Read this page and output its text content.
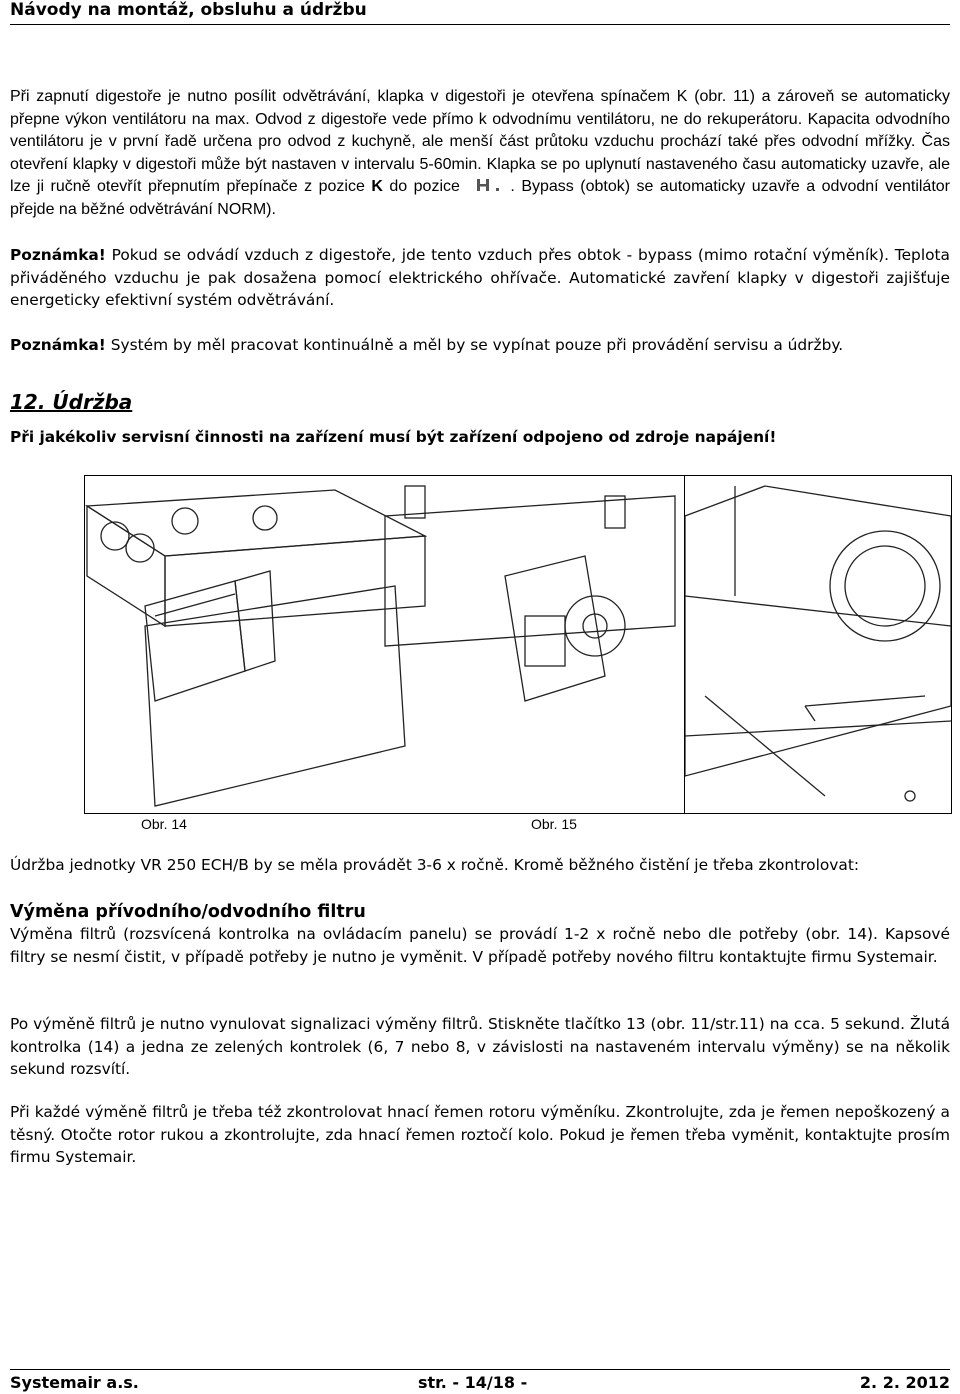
Návody na montáž, obsluhu a údržbu
Při zapnutí digestoře je nutno posílit odvětrávání, klapka v digestoři je otevřena spínačem K (obr. 11) a zároveň se automaticky přepne výkon ventilátoru na max. Odvod z digestoře vede přímo k odvodnímu ventilátoru, ne do rekuperátoru. Kapacita odvodního ventilátoru je v první řadě určena pro odvod z kuchyně, ale menší část průtoku vzduchu prochází také přes odvodní mřížky. Čas otevření klapky v digestoři může být nastaven v intervalu 5-60min. Klapka se po uplynutí nastaveného času automaticky uzavře, ale lze ji ručně otevřít přepnutím přepínače z pozice K do pozice	. Bypass (obtok) se automaticky uzavře a odvodní ventilátor přejde na běžné odvětrávání NORM).
Poznámka! Pokud se odvádí vzduch z digestoře, jde tento vzduch přes obtok - bypass (mimo rotační výměník). Teplota přiváděného vzduchu je pak dosažena pomocí elektrického ohřívače. Automatické zavření klapky v digestoři zajišťuje energeticky efektivní systém odvětrávání.
Poznámka! Systém by měl pracovat kontinuálně a měl by se vypínat pouze při provádění servisu a údržby.
12. Údržba
Při jakékoliv servisní činnosti na zařízení musí být zařízení odpojeno od zdroje napájení!
Obr. 14	Obr. 15
Údržba jednotky VR 250 ECH/B by se měla provádět 3-6 x ročně. Kromě běžného čistění je třeba zkontrolovat:
Výměna přívodního/odvodního filtru
Výměna filtrů (rozsvícená kontrolka na ovládacím panelu) se provádí 1-2 x ročně nebo dle potřeby (obr. 14). Kapsové filtry se nesmí čistit, v případě potřeby je nutno je vyměnit. V případě potřeby nového filtru kontaktujte firmu Systemair.
Po výměně filtrů je nutno vynulovat signalizaci výměny filtrů. Stiskněte tlačítko 13 (obr. 11/str.11) na cca. 5 sekund. Žlutá kontrolka (14) a jedna ze zelených kontrolek (6, 7 nebo 8, v závislosti na nastaveném intervalu výměny) se na několik sekund rozsvítí.
Při každé výměně filtrů je třeba též zkontrolovat hnací řemen rotoru výměníku. Zkontrolujte, zda je řemen nepoškozený a těsný. Otočte rotor rukou a zkontrolujte, zda hnací řemen roztočí kolo. Pokud je řemen třeba vyměnit, kontaktujte prosím firmu Systemair.
Systemair a.s.	str. - 14/18 -	2. 2. 2012
